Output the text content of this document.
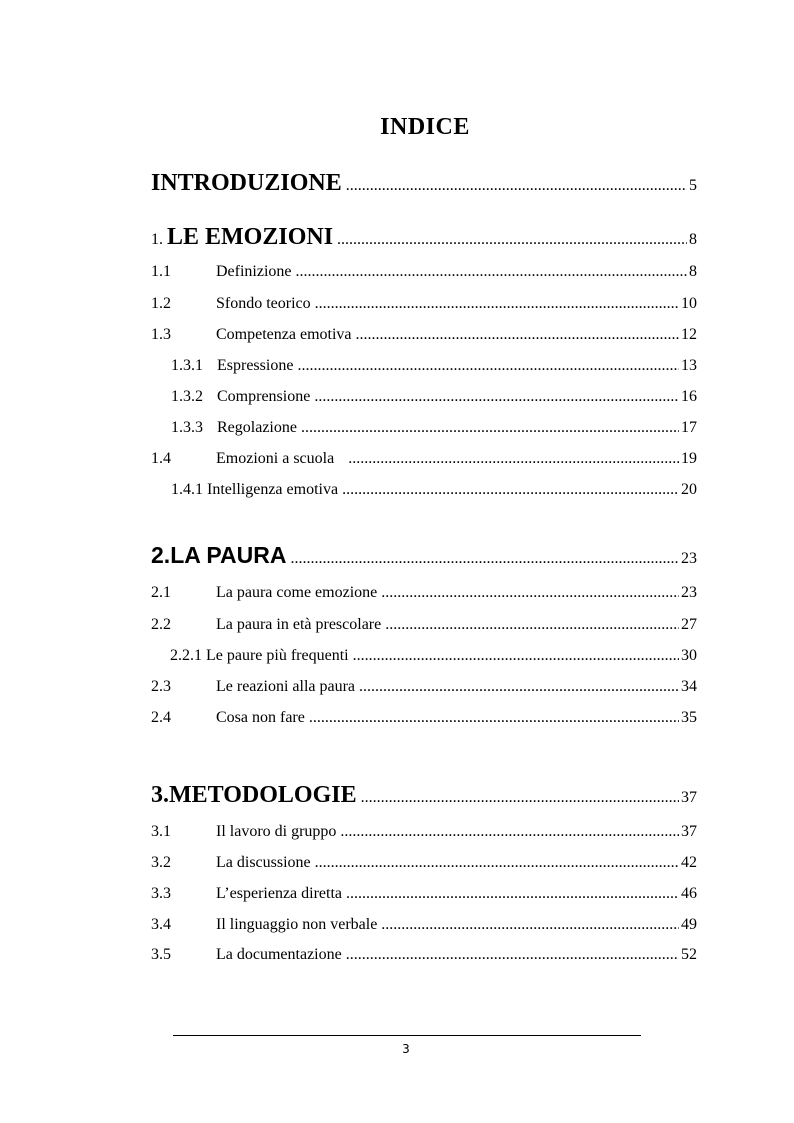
INDICE
INTRODUZIONE . . .	5
1. LE EMOZIONI . . .	8
1.1	Definizione . . .	8
1.2	Sfondo teorico . . .	10
1.3	Competenza emotiva . . .	12
1.3.1 Espressione . . .	13
1.3.2 Comprensione . . .	16
1.3.3 Regolazione . . .	17
1.4	Emozioni a scuola . . .	19
1.4.1 Intelligenza emotiva . . .	20
2. LA PAURA . . .	23
2.1	La paura come emozione . . .	23
2.2	La paura in età prescolare . . .	27
2.2.1 Le paure più frequenti . . .	30
2.3	Le reazioni alla paura . . .	34
2.4	Cosa non fare . . .	35
3. METODOLOGIE . . .	37
3.1	Il lavoro di gruppo . . .	37
3.2	La discussione . . .	42
3.3	L’esperienza diretta . . .	46
3.4	Il linguaggio non verbale . . .	49
3.5	La documentazione . . .	52
3
